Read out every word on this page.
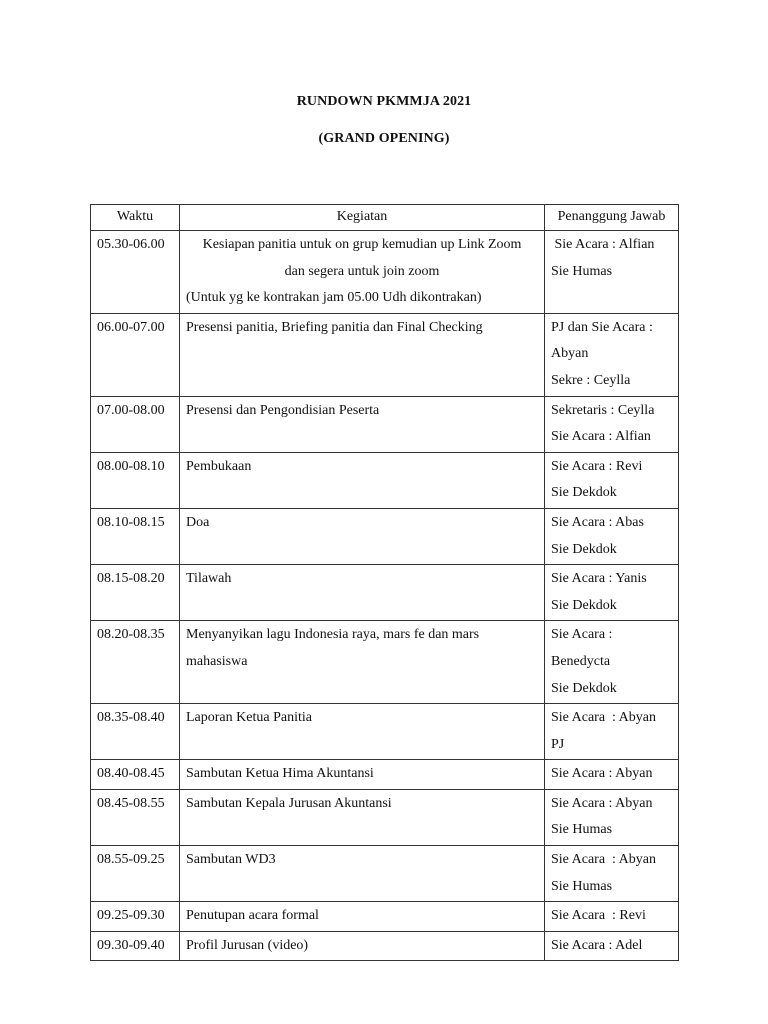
RUNDOWN PKMMJA 2021
(GRAND OPENING)
Waktu	Kegiatan	Penanggung Jawab
05.30-06.00	Kesiapan panitia untuk on grup kemudian up Link Zoom
dan segera untuk join zoom
(Untuk yg ke kontrakan jam 05.00 Udh dikontrakan)	Sie Acara : Alfian
Sie Humas

06.00-07.00	Presensi panitia, Briefing panitia dan Final Checking	PJ dan Sie Acara :
Abyan
Sekre : Ceylla

07.00-08.00	Presensi dan Pengondisian Peserta	Sekretaris : Ceylla
Sie Acara : Alfian

08.00-08.10	Pembukaan	Sie Acara : Revi
Sie Dekdok

08.10-08.15	Doa	Sie Acara : Abas
Sie Dekdok

08.15-08.20	Tilawah	Sie Acara : Yanis
Sie Dekdok

08.20-08.35	Menyanyikan lagu Indonesia raya, mars fe dan mars
mahasiswa	Sie Acara :
Benedycta
Sie Dekdok

08.35-08.40	Laporan Ketua Panitia	Sie Acara  : Abyan
PJ

08.40-08.45	Sambutan Ketua Hima Akuntansi	Sie Acara : Abyan

08.45-08.55	Sambutan Kepala Jurusan Akuntansi	Sie Acara : Abyan
Sie Humas

08.55-09.25	Sambutan WD3	Sie Acara  : Abyan
Sie Humas

09.25-09.30	Penutupan acara formal	Sie Acara  : Revi

09.30-09.40	Profil Jurusan (video)	Sie Acara : Adel
